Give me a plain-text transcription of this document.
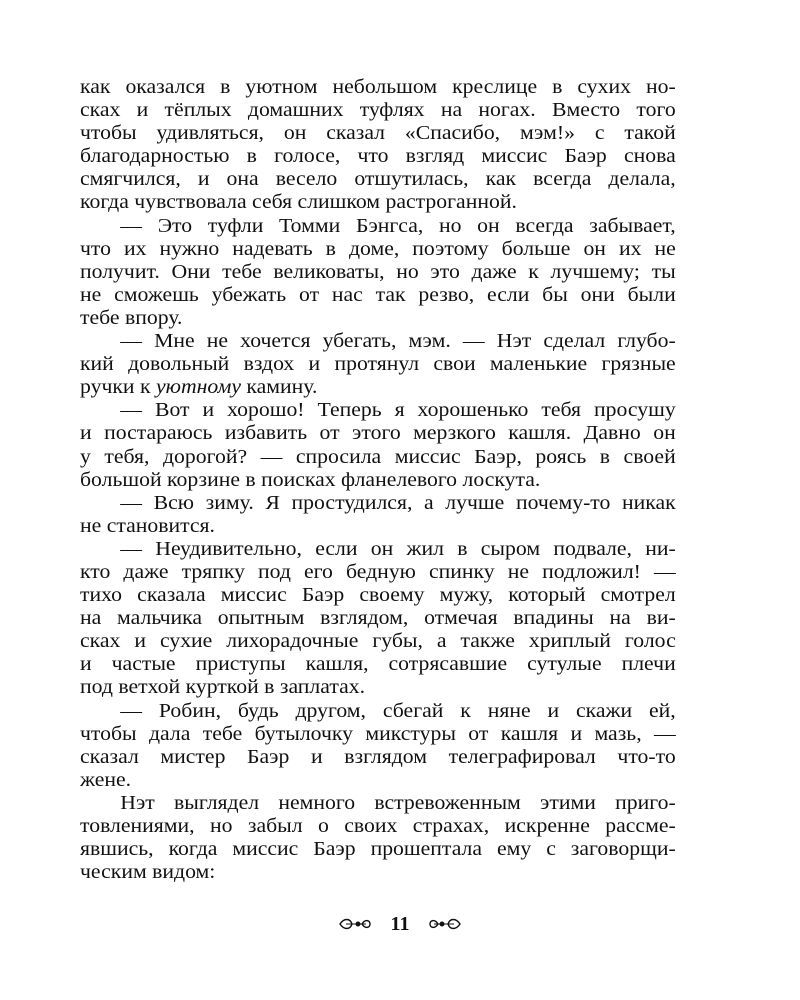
как оказался в уютном небольшом креслице в сухих но-
сках и тёплых домашних туфлях на ногах. Вместо того
чтобы удивляться, он сказал «Спасибо, мэм!» с такой
благодарностью в голосе, что взгляд миссис Баэр снова
смягчился, и она весело отшутилась, как всегда делала,
когда чувствовала себя слишком растроганной.
— Это туфли Томми Бэнгса, но он всегда забывает,
что их нужно надевать в доме, поэтому больше он их не
получит. Они тебе великоваты, но это даже к лучшему; ты
не сможешь убежать от нас так резво, если бы они были
тебе впору.
— Мне не хочется убегать, мэм. — Нэт сделал глубо-
кий довольный вздох и протянул свои маленькие грязные
ручки к уютному камину.
— Вот и хорошо! Теперь я хорошенько тебя просушу
и постараюсь избавить от этого мерзкого кашля. Давно он
у тебя, дорогой? — спросила миссис Баэр, роясь в своей
большой корзине в поисках фланелевого лоскута.
— Всю зиму. Я простудился, а лучше почему-то никак
не становится.
— Неудивительно, если он жил в сыром подвале, ни-
кто даже тряпку под его бедную спинку не подложил! —
тихо сказала миссис Баэр своему мужу, который смотрел
на мальчика опытным взглядом, отмечая впадины на ви-
сках и сухие лихорадочные губы, а также хриплый голос
и частые приступы кашля, сотрясавшие сутулые плечи
под ветхой курткой в заплатах.
— Робин, будь другом, сбегай к няне и скажи ей,
чтобы дала тебе бутылочку микстуры от кашля и мазь, —
сказал мистер Баэр и взглядом телеграфировал что-то
жене.
Нэт выглядел немного встревоженным этими приго-
товлениями, но забыл о своих страхах, искренне рассме-
явшись, когда миссис Баэр прошептала ему с заговорщи-
ческим видом:
11
